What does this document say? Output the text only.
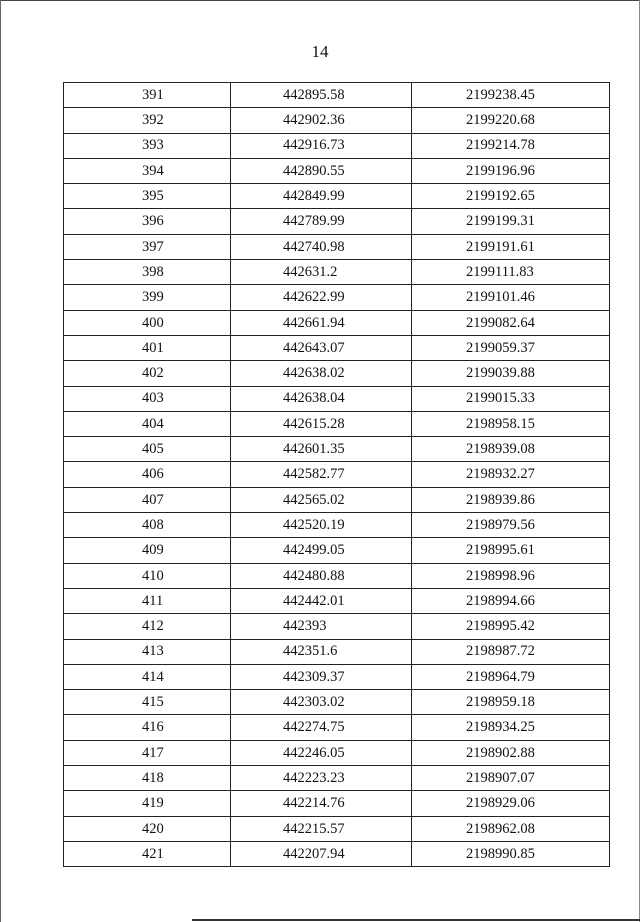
14
391	442895.58	2199238.45
392	442902.36	2199220.68
393	442916.73	2199214.78
394	442890.55	2199196.96
395	442849.99	2199192.65
396	442789.99	2199199.31
397	442740.98	2199191.61
398	442631.2	2199111.83
399	442622.99	2199101.46
400	442661.94	2199082.64
401	442643.07	2199059.37
402	442638.02	2199039.88
403	442638.04	2199015.33
404	442615.28	2198958.15
405	442601.35	2198939.08
406	442582.77	2198932.27
407	442565.02	2198939.86
408	442520.19	2198979.56
409	442499.05	2198995.61
410	442480.88	2198998.96
411	442442.01	2198994.66
412	442393	2198995.42
413	442351.6	2198987.72
414	442309.37	2198964.79
415	442303.02	2198959.18
416	442274.75	2198934.25
417	442246.05	2198902.88
418	442223.23	2198907.07
419	442214.76	2198929.06
420	442215.57	2198962.08
421	442207.94	2198990.85
